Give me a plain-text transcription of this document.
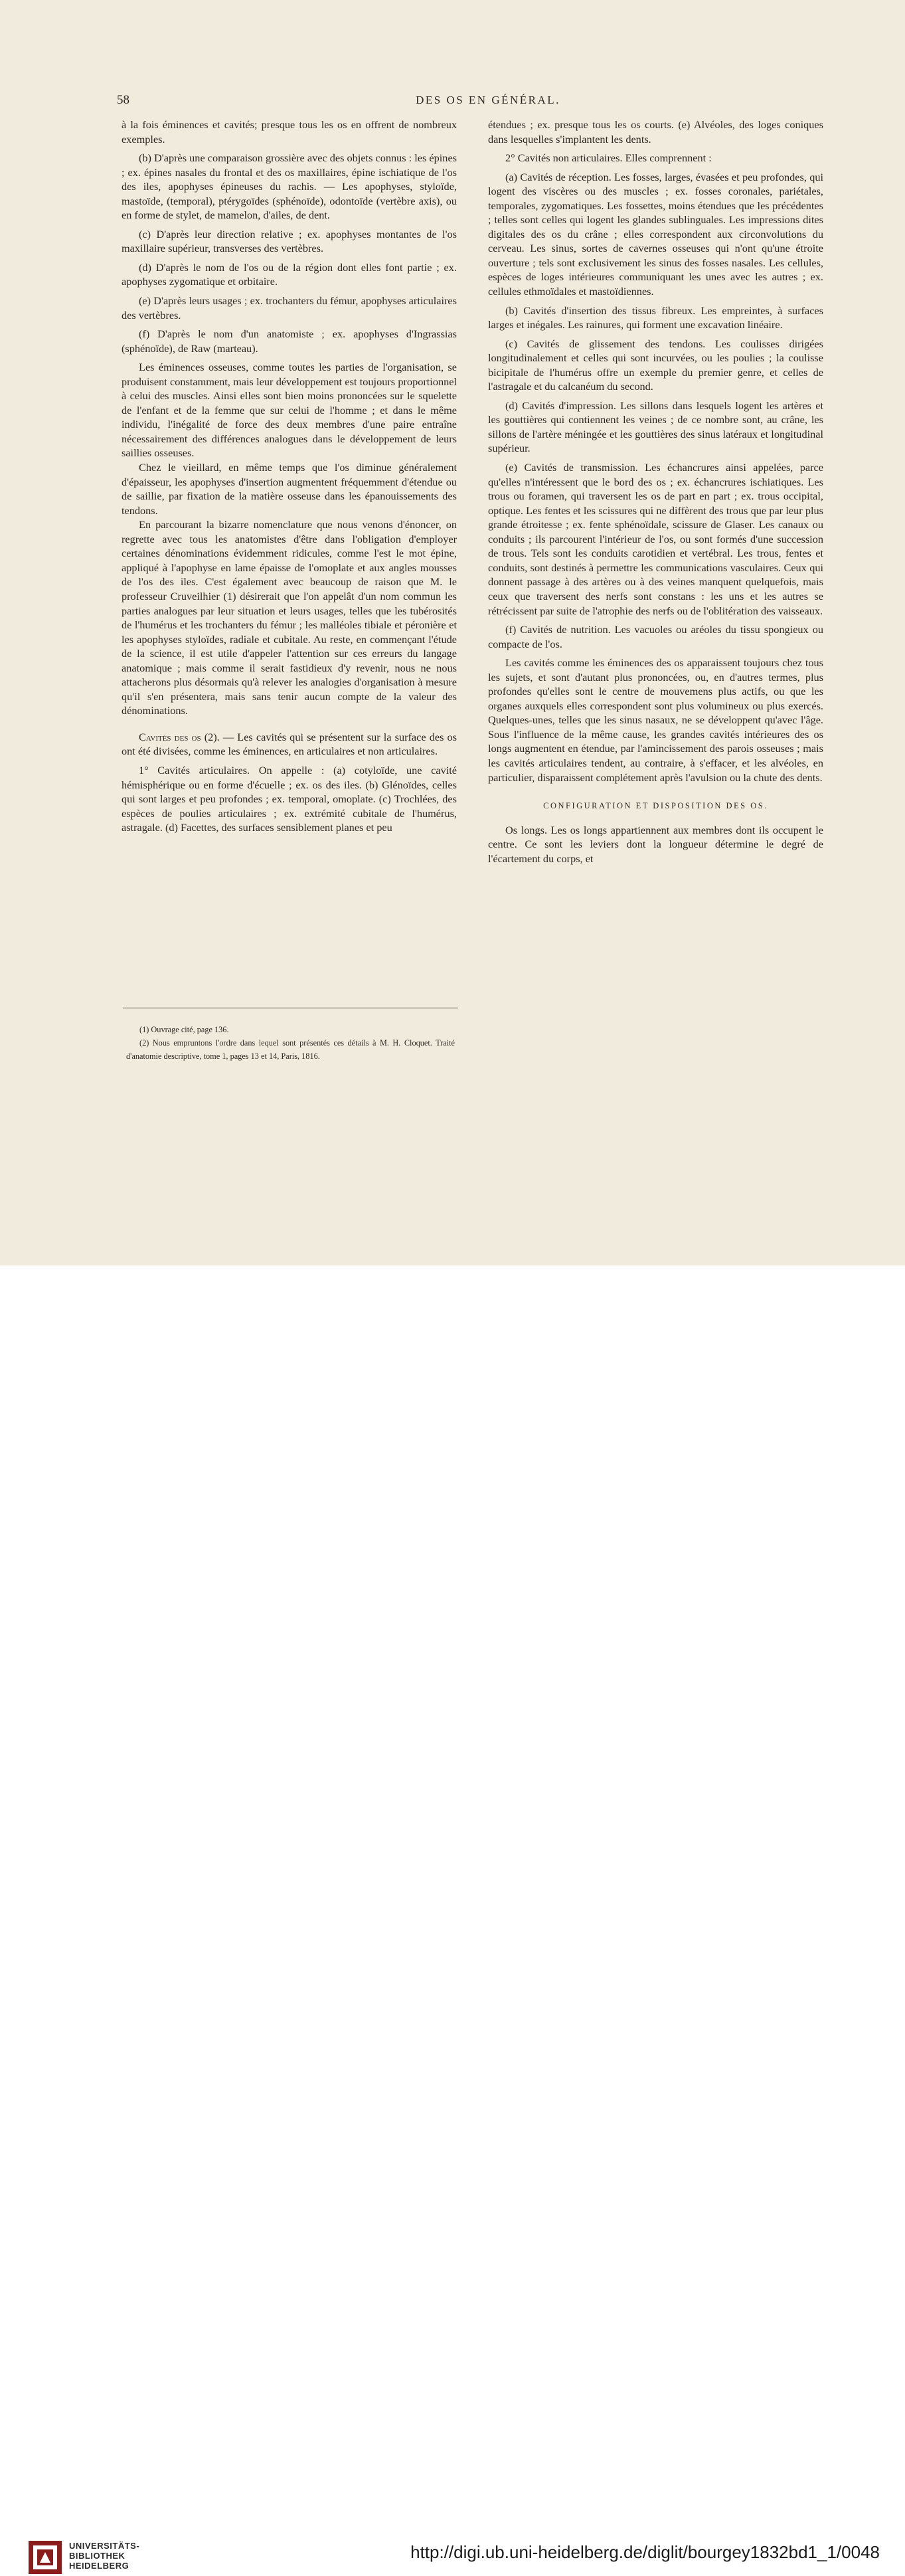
58	DES OS EN GÉNÉRAL.

à la fois éminences et cavités; presque tous les os en offrent de nombreux exemples.

(b) D'après une comparaison grossière avec des objets connus : les épines ; ex. épines nasales du frontal et des os maxillaires, épine ischiatique de l'os des iles, apophyses épineuses du rachis. — Les apophyses, styloïde, mastoïde, (temporal), ptérygoïdes (sphénoïde), odontoïde (vertèbre axis), ou en forme de stylet, de mamelon, d'ailes, de dent.

(c) D'après leur direction relative ; ex. apophyses montantes de l'os maxillaire supérieur, transverses des vertèbres.

(d) D'après le nom de l'os ou de la région dont elles font partie ; ex. apophyses zygomatique et orbitaire.

(e) D'après leurs usages ; ex. trochanters du fémur, apophyses articulaires des vertèbres.

(f) D'après le nom d'un anatomiste ; ex. apophyses d'Ingrassias (sphénoïde), de Raw (marteau).

Les éminences osseuses, comme toutes les parties de l'organisation, se produisent constamment, mais leur développement est toujours proportionnel à celui des muscles. Ainsi elles sont bien moins prononcées sur le squelette de l'enfant et de la femme que sur celui de l'homme ; et dans le même individu, l'inégalité de force des deux membres d'une paire entraîne nécessairement des différences analogues dans le développement de leurs saillies osseuses.

Chez le vieillard, en même temps que l'os diminue généralement d'épaisseur, les apophyses d'insertion augmentent fréquemment d'étendue ou de saillie, par fixation de la matière osseuse dans les épanouissements des tendons.

En parcourant la bizarre nomenclature que nous venons d'énoncer, on regrette avec tous les anatomistes d'être dans l'obligation d'employer certaines dénominations évidemment ridicules, comme l'est le mot épine, appliqué à l'apophyse en lame épaisse de l'omoplate et aux angles mousses de l'os des iles. C'est également avec beaucoup de raison que M. le professeur Cruveilhier (1) désirerait que l'on appelât d'un nom commun les parties analogues par leur situation et leurs usages, telles que les tubérosités de l'humérus et les trochanters du fémur ; les malléoles tibiale et péronière et les apophyses styloïdes, radiale et cubitale. Au reste, en commençant l'étude de la science, il est utile d'appeler l'attention sur ces erreurs du langage anatomique ; mais comme il serait fastidieux d'y revenir, nous ne nous attacherons plus désormais qu'à relever les analogies d'organisation à mesure qu'il s'en présentera, mais sans tenir aucun compte de la valeur des dénominations.

Cavités des os (2). — Les cavités qui se présentent sur la surface des os ont été divisées, comme les éminences, en articulaires et non articulaires.

1° Cavités articulaires. On appelle : (a) cotyloïde, une cavité hémisphérique ou en forme d'écuelle ; ex. os des iles. (b) Glénoïdes, celles qui sont larges et peu profondes ; ex. temporal, omoplate. (c) Trochlées, des espèces de poulies articulaires ; ex. extrémité cubitale de l'humérus, astragale. (d) Facettes, des surfaces sensiblement planes et peu

(1) Ouvrage cité, page 136.

(2) Nous empruntons l'ordre dans lequel sont présentés ces détails à M. H. Cloquet. Traité d'anatomie descriptive, tome 1, pages 13 et 14, Paris, 1816.

étendues ; ex. presque tous les os courts. (e) Alvéoles, des loges coniques dans lesquelles s'implantent les dents.

2° Cavités non articulaires. Elles comprennent :

(a) Cavités de réception. Les fosses, larges, évasées et peu profondes, qui logent des viscères ou des muscles ; ex. fosses coronales, pariétales, temporales, zygomatiques. Les fossettes, moins étendues que les précédentes ; telles sont celles qui logent les glandes sublinguales. Les impressions dites digitales des os du crâne ; elles correspondent aux circonvolutions du cerveau. Les sinus, sortes de cavernes osseuses qui n'ont qu'une étroite ouverture ; tels sont exclusivement les sinus des fosses nasales. Les cellules, espèces de loges intérieures communiquant les unes avec les autres ; ex. cellules ethmoïdales et mastoïdiennes.

(b) Cavités d'insertion des tissus fibreux. Les empreintes, à surfaces larges et inégales. Les rainures, qui forment une excavation linéaire.

(c) Cavités de glissement des tendons. Les coulisses dirigées longitudinalement et celles qui sont incurvées, ou les poulies ; la coulisse bicipitale de l'humérus offre un exemple du premier genre, et celles de l'astragale et du calcanéum du second.

(d) Cavités d'impression. Les sillons dans lesquels logent les artères et les gouttières qui contiennent les veines ; de ce nombre sont, au crâne, les sillons de l'artère méningée et les gouttières des sinus latéraux et longitudinal supérieur.

(e) Cavités de transmission. Les échancrures ainsi appelées, parce qu'elles n'intéressent que le bord des os ; ex. échancrures ischiatiques. Les trous ou foramen, qui traversent les os de part en part ; ex. trous occipital, optique. Les fentes et les scissures qui ne diffèrent des trous que par leur plus grande étroitesse ; ex. fente sphénoïdale, scissure de Glaser. Les canaux ou conduits ; ils parcourent l'intérieur de l'os, ou sont formés d'une succession de trous. Tels sont les conduits carotidien et vertébral. Les trous, fentes et conduits, sont destinés à permettre les communications vasculaires. Ceux qui donnent passage à des artères ou à des veines manquent quelquefois, mais ceux que traversent des nerfs sont constans : les uns et les autres se rétrécissent par suite de l'atrophie des nerfs ou de l'oblitération des vaisseaux.

(f) Cavités de nutrition. Les vacuoles ou aréoles du tissu spongieux ou compacte de l'os.

Les cavités comme les éminences des os apparaissent toujours chez tous les sujets, et sont d'autant plus prononcées, ou, en d'autres termes, plus profondes qu'elles sont le centre de mouvemens plus actifs, ou que les organes auxquels elles correspondent sont plus volumineux ou plus exercés. Quelques-unes, telles que les sinus nasaux, ne se développent qu'avec l'âge. Sous l'influence de la même cause, les grandes cavités intérieures des os longs augmentent en étendue, par l'amincissement des parois osseuses ; mais les cavités articulaires tendent, au contraire, à s'effacer, et les alvéoles, en particulier, disparaissent complétement après l'avulsion ou la chute des dents.

CONFIGURATION ET DISPOSITION DES OS.

Os longs. Les os longs appartiennent aux membres dont ils occupent le centre. Ce sont les leviers dont la longueur détermine le degré de l'écartement du corps, et

UNIVERSITÄTS-
BIBLIOTHEK
HEIDELBERG
http://digi.ub.uni-heidelberg.de/diglit/bourgey1832bd1_1/0048
